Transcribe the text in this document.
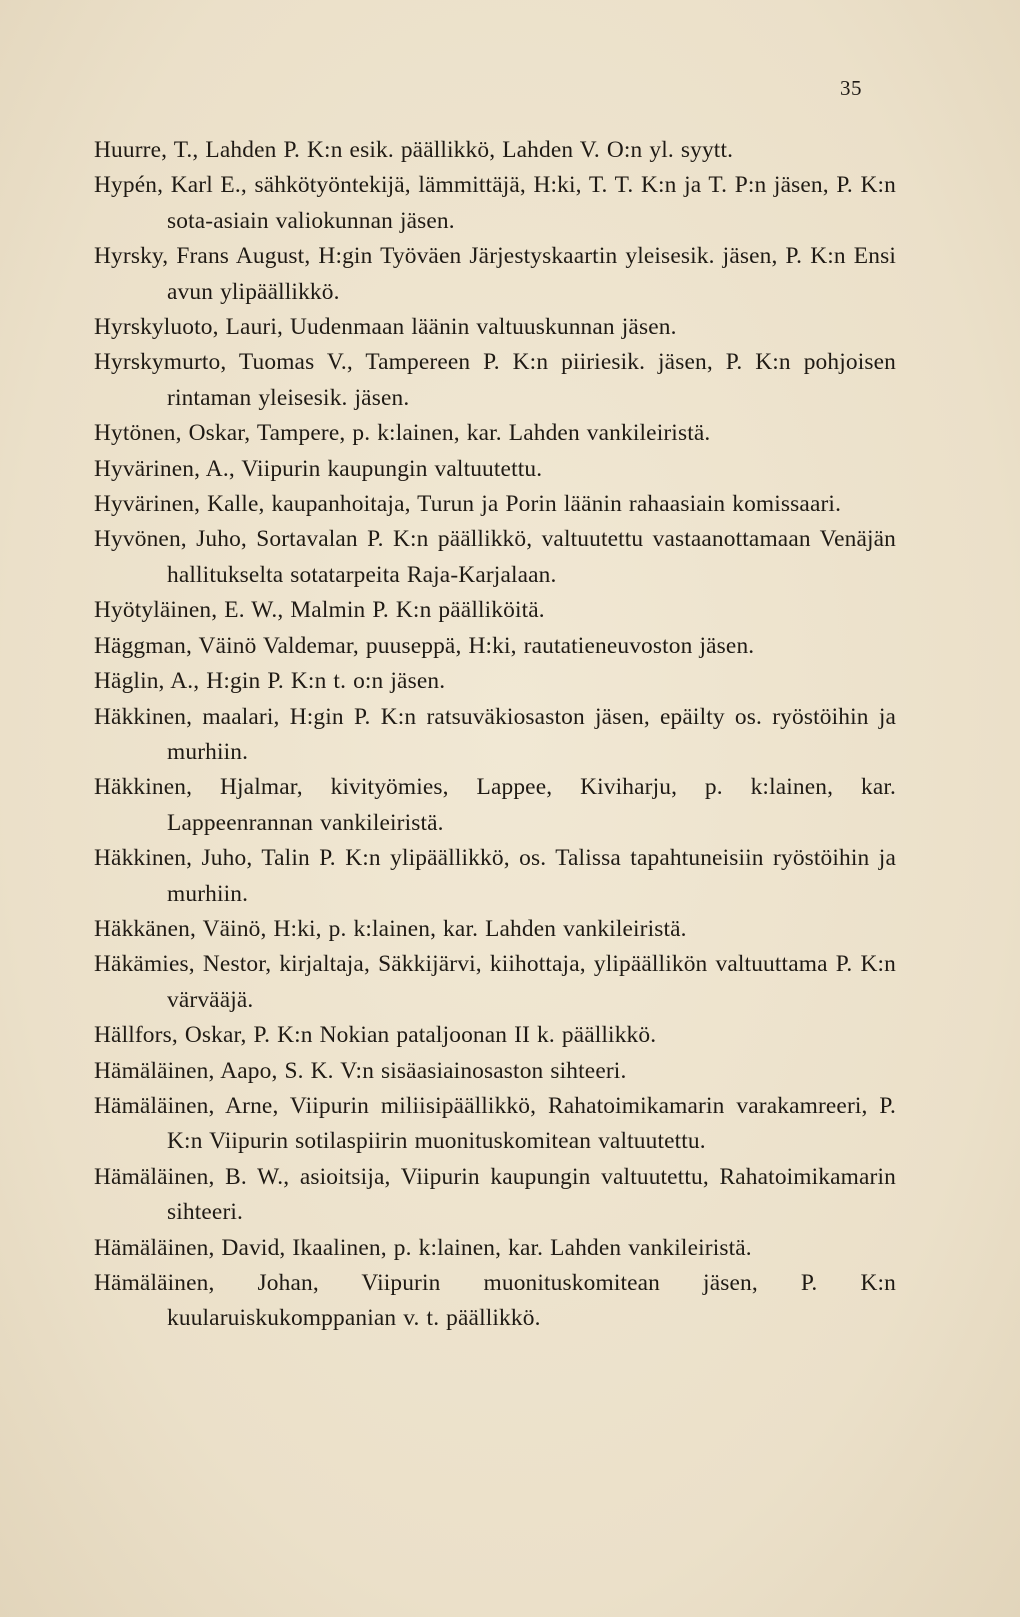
35

Huurre, T., Lahden P. K:n esik. päällikkö, Lahden V. O:n yl. syytt.

Hypén, Karl E., sähkötyöntekijä, lämmittäjä, H:ki, T. T. K:n ja T. P:n jäsen, P. K:n sota-asiain valiokunnan jäsen.

Hyrsky, Frans August, H:gin Työväen Järjestyskaartin yleisesik. jäsen, P. K:n Ensi avun ylipäällikkö.

Hyrskyluoto, Lauri, Uudenmaan läänin valtuuskunnan jäsen.

Hyrskymurto, Tuomas V., Tampereen P. K:n piiriesik. jäsen, P. K:n pohjoisen rintaman yleisesik. jäsen.

Hytönen, Oskar, Tampere, p. k:lainen, kar. Lahden vankileiristä.

Hyvärinen, A., Viipurin kaupungin valtuutettu.

Hyvärinen, Kalle, kaupanhoitaja, Turun ja Porin läänin rahaasiain komissaari.

Hyvönen, Juho, Sortavalan P. K:n päällikkö, valtuutettu vastaanottamaan Venäjän hallitukselta sotatarpeita Raja-Karjalaan.

Hyötyläinen, E. W., Malmin P. K:n päälliköitä.

Häggman, Väinö Valdemar, puuseppä, H:ki, rautatieneuvoston jäsen.

Häglin, A., H:gin P. K:n t. o:n jäsen.

Häkkinen, maalari, H:gin P. K:n ratsuväkiosaston jäsen, epäilty os. ryöstöihin ja murhiin.

Häkkinen, Hjalmar, kivityömies, Lappee, Kiviharju, p. k:lainen, kar. Lappeenrannan vankileiristä.

Häkkinen, Juho, Talin P. K:n ylipäällikkö, os. Talissa tapahtuneisiin ryöstöihin ja murhiin.

Häkkänen, Väinö, H:ki, p. k:lainen, kar. Lahden vankileiristä.

Häkämies, Nestor, kirjaltaja, Säkkijärvi, kiihottaja, ylipäällikön valtuuttama P. K:n värvääjä.

Hällfors, Oskar, P. K:n Nokian pataljoonan II k. päällikkö.

Hämäläinen, Aapo, S. K. V:n sisäasiainosaston sihteeri.

Hämäläinen, Arne, Viipurin miliisipäällikkö, Rahatoimikamarin varakamreeri, P. K:n Viipurin sotilaspiirin muonituskomitean valtuutettu.

Hämäläinen, B. W., asioitsija, Viipurin kaupungin valtuutettu, Rahatoimikamarin sihteeri.

Hämäläinen, David, Ikaalinen, p. k:lainen, kar. Lahden vankileiristä.

Hämäläinen, Johan, Viipurin muonituskomitean jäsen, P. K:n kuularuiskukomppanian v. t. päällikkö.
